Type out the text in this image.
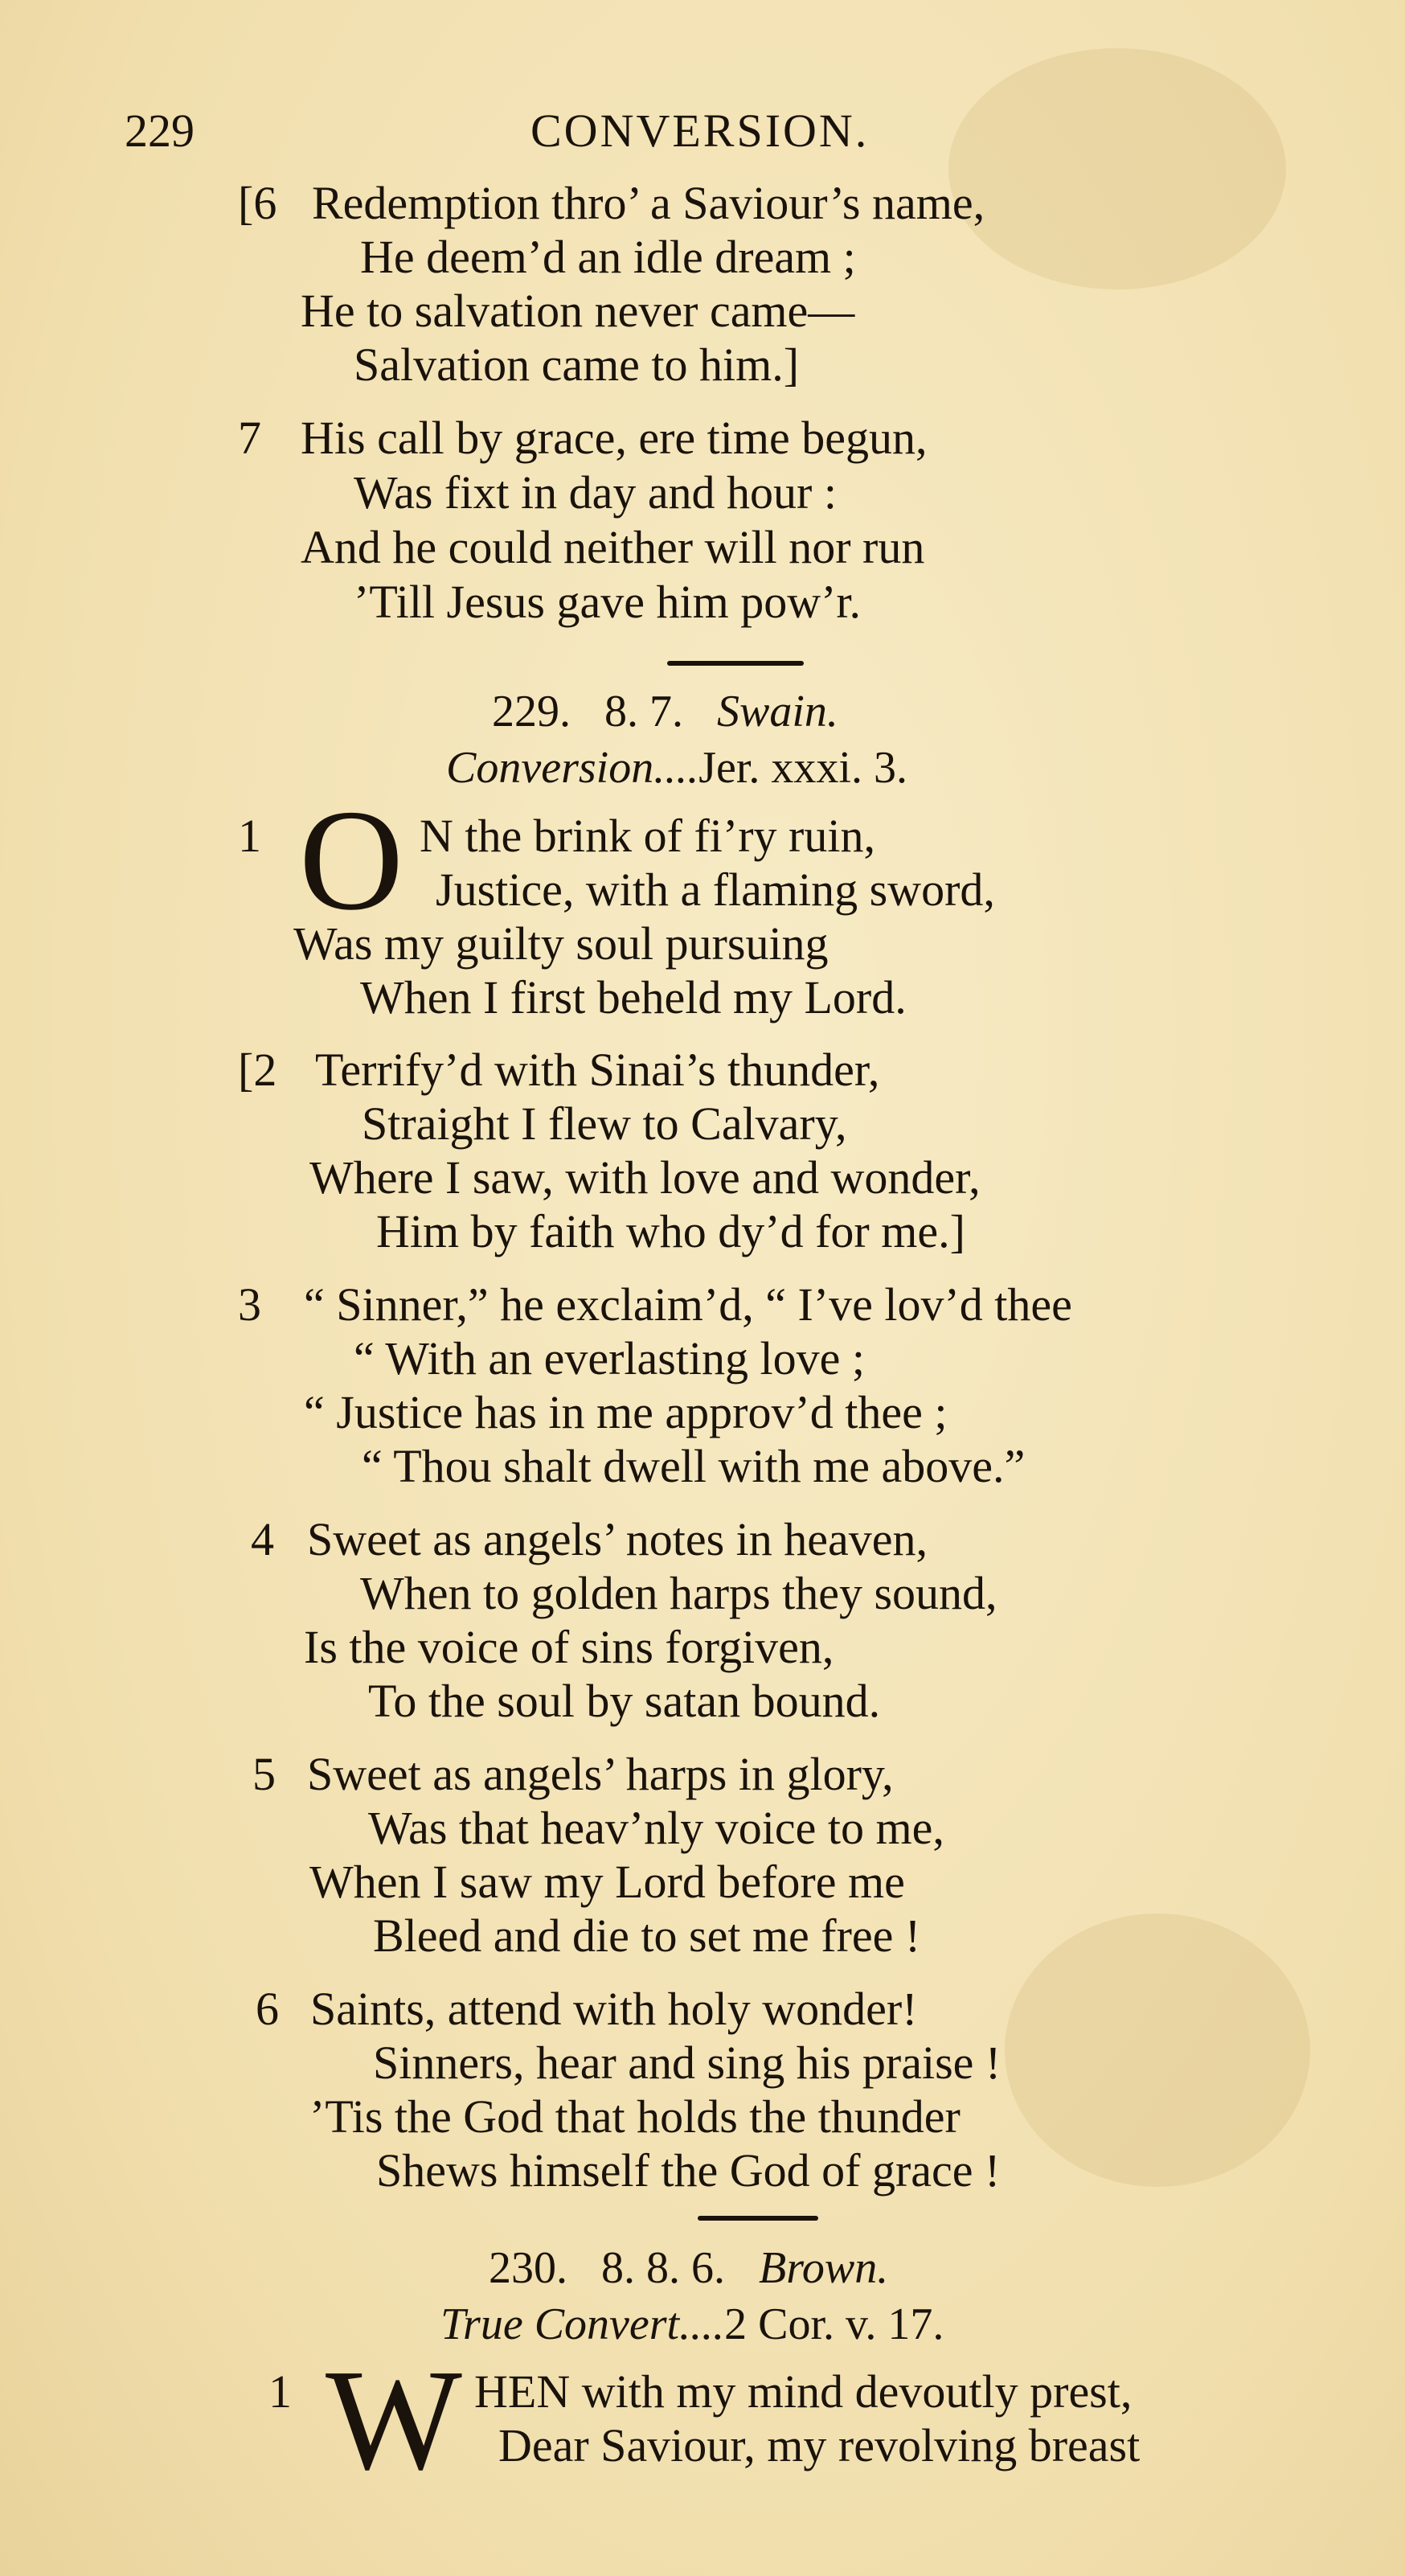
229	CONVERSION.
[6 Redemption thro’ a Saviour’s name,
He deem’d an idle dream ;
He to salvation never came—
Salvation came to him.]
7 His call by grace, ere time begun,
Was fixt in day and hour :
And he could neither will nor run
’Till Jesus gave him pow’r.
229. 8. 7. Swain.
Conversion....Jer. xxxi. 3.
1 O N the brink of fi’ry ruin,
Justice, with a flaming sword,
Was my guilty soul pursuing
When I first beheld my Lord.
[2 Terrify’d with Sinai’s thunder,
Straight I flew to Calvary,
Where I saw, with love and wonder,
Him by faith who dy’d for me.]
3 “ Sinner,” he exclaim’d, “ I’ve lov’d thee
“ With an everlasting love ;
“ Justice has in me approv’d thee ;
“ Thou shalt dwell with me above.”
4 Sweet as angels’ notes in heaven,
When to golden harps they sound,
Is the voice of sins forgiven,
To the soul by satan bound.
5 Sweet as angels’ harps in glory,
Was that heav’nly voice to me,
When I saw my Lord before me
Bleed and die to set me free !
6 Saints, attend with holy wonder!
Sinners, hear and sing his praise !
’Tis the God that holds the thunder
Shews himself the God of grace !
230. 8. 8. 6. Brown.
True Convert....2 Cor. v. 17.
1 W HEN with my mind devoutly prest,
Dear Saviour, my revolving breast
